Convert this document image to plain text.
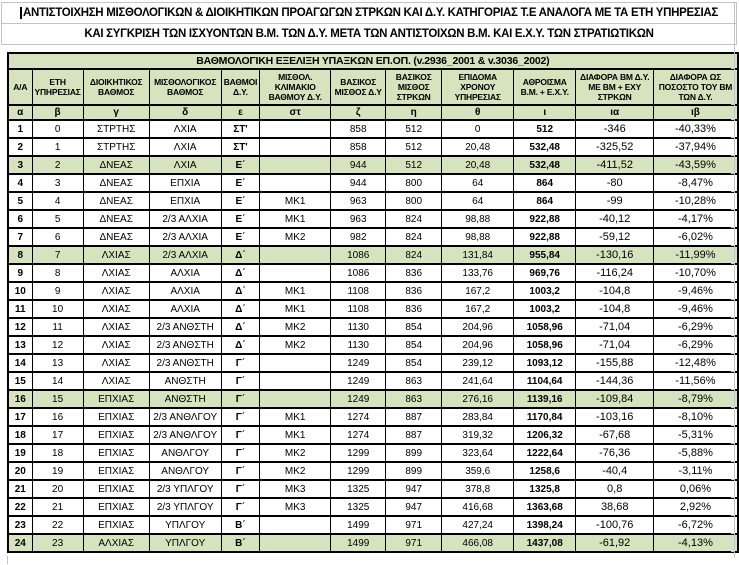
ΑΝΤΙΣΤΟΙΧΗΣΗ ΜΙΣΘΟΛΟΓΙΚΩΝ & ΔΙΟΙΚΗΤΙΚΩΝ ΠΡΟΑΓΩΓΩΝ ΣΤΡΚΩΝ ΚΑΙ Δ.Υ. ΚΑΤΗΓΟΡΙΑΣ Τ.Ε ΑΝΑΛΟΓΑ ΜΕ ΤΑ ΕΤΗ ΥΠΗΡΕΣΙΑΣ
ΚΑΙ ΣΥΓΚΡΙΣΗ ΤΩΝ ΙΣΧΥΟΝΤΩΝ Β.Μ. ΤΩΝ Δ.Υ. ΜΕΤΑ ΤΩΝ ΑΝΤΙΣΤΟΙΧΩΝ Β.Μ. ΚΑΙ Ε.Χ.Υ. ΤΩΝ ΣΤΡΑΤΙΩΤΙΚΩΝ
ΒΑΘΜΟΛΟΓΙΚΗ ΕΞΕΛΙΞΗ ΥΠΑΞΚΩΝ ΕΠ.ΟΠ. (v.2936_2001 & v.3036_2002)											
Α/Α	ΕΤΗ ΥΠΗΡΕΣΙΑΣ	ΔΙΟΙΚΗΤΙΚΟΣ ΒΑΘΜΟΣ	ΜΙΣΘΟΛΟΓΙΚΟΣ ΒΑΘΜΟΣ	ΒΑΘΜΟΙ Δ.Υ.	ΜΙΣΘΟΛ. ΚΛΙΜΑΚΙΟ ΒΑΘΜΟΥ Δ.Υ.	ΒΑΣΙΚΟΣ ΜΙΣΘΟΣ Δ.Υ	ΒΑΣΙΚΟΣ ΜΙΣΘΟΣ ΣΤΡΚΩΝ	ΕΠΙΔΟΜΑ ΧΡΟΝΟΥ ΥΠΗΡΕΣΙΑΣ	ΑΘΡΟΙΣΜΑ Β.Μ. + Ε.Χ.Υ.	ΔΙΑΦΟΡΑ ΒΜ Δ.Υ. ΜΕ ΒΜ + ΕΧΥ ΣΤΡΚΩΝ	ΔΙΑΦΟΡΑ ΩΣ ΠΟΣΟΣΤΟ ΤΟΥ ΒΜ ΤΩΝ Δ.Υ.
α	β	γ	δ	ε	στ	ζ	η	θ	ι	ια	ιβ
1	0	ΣΤΡΤΗΣ	ΛΧΙΑ	ΣΤ'		858	512	0	512	-346	-40,33%
2	1	ΣΤΡΤΗΣ	ΛΧΙΑ	ΣΤ'		858	512	20,48	532,48	-325,52	-37,94%
3	2	ΔΝΕΑΣ	ΛΧΙΑ	Ε΄		944	512	20,48	532,48	-411,52	-43,59%
4	3	ΔΝΕΑΣ	ΕΠΧΙΑ	Ε΄		944	800	64	864	-80	-8,47%
5	4	ΔΝΕΑΣ	ΕΠΧΙΑ	Ε΄	ΜΚ1	963	800	64	864	-99	-10,28%
6	5	ΔΝΕΑΣ	2/3 ΑΛΧΙΑ	Ε΄	ΜΚ1	963	824	98,88	922,88	-40,12	-4,17%
7	6	ΔΝΕΑΣ	2/3 ΑΛΧΙΑ	Ε΄	ΜΚ2	982	824	98,88	922,88	-59,12	-6,02%
8	7	ΛΧΙΑΣ	2/3 ΑΛΧΙΑ	Δ΄		1086	824	131,84	955,84	-130,16	-11,99%
9	8	ΛΧΙΑΣ	ΑΛΧΙΑ	Δ΄		1086	836	133,76	969,76	-116,24	-10,70%
10	9	ΛΧΙΑΣ	ΑΛΧΙΑ	Δ΄	ΜΚ1	1108	836	167,2	1003,2	-104,8	-9,46%
11	10	ΛΧΙΑΣ	ΑΛΧΙΑ	Δ΄	ΜΚ1	1108	836	167,2	1003,2	-104,8	-9,46%
12	11	ΛΧΙΑΣ	2/3 ΑΝΘΣΤΗ	Δ΄	ΜΚ2	1130	854	204,96	1058,96	-71,04	-6,29%
13	12	ΛΧΙΑΣ	2/3 ΑΝΘΣΤΗ	Δ΄	ΜΚ2	1130	854	204,96	1058,96	-71,04	-6,29%
14	13	ΛΧΙΑΣ	2/3 ΑΝΘΣΤΗ	Γ΄		1249	854	239,12	1093,12	-155,88	-12,48%
15	14	ΛΧΙΑΣ	ΑΝΘΣΤΗ	Γ΄		1249	863	241,64	1104,64	-144,36	-11,56%
16	15	ΕΠΧΙΑΣ	ΑΝΘΣΤΗ	Γ΄		1249	863	276,16	1139,16	-109,84	-8,79%
17	16	ΕΠΧΙΑΣ	2/3 ΑΝΘΛΓΟΥ	Γ΄	ΜΚ1	1274	887	283,84	1170,84	-103,16	-8,10%
18	17	ΕΠΧΙΑΣ	2/3 ΑΝΘΛΓΟΥ	Γ΄	ΜΚ1	1274	887	319,32	1206,32	-67,68	-5,31%
19	18	ΕΠΧΙΑΣ	ΑΝΘΛΓΟΥ	Γ΄	ΜΚ2	1299	899	323,64	1222,64	-76,36	-5,88%
20	19	ΕΠΧΙΑΣ	ΑΝΘΛΓΟΥ	Γ΄	ΜΚ2	1299	899	359,6	1258,6	-40,4	-3,11%
21	20	ΕΠΧΙΑΣ	2/3 ΥΠΛΓΟΥ	Γ΄	ΜΚ3	1325	947	378,8	1325,8	0,8	0,06%
22	21	ΕΠΧΙΑΣ	2/3 ΥΠΛΓΟΥ	Γ΄	ΜΚ3	1325	947	416,68	1363,68	38,68	2,92%
23	22	ΕΠΧΙΑΣ	ΥΠΛΓΟΥ	Β΄		1499	971	427,24	1398,24	-100,76	-6,72%
24	23	ΑΛΧΙΑΣ	ΥΠΛΓΟΥ	Β΄		1499	971	466,08	1437,08	-61,92	-4,13%
